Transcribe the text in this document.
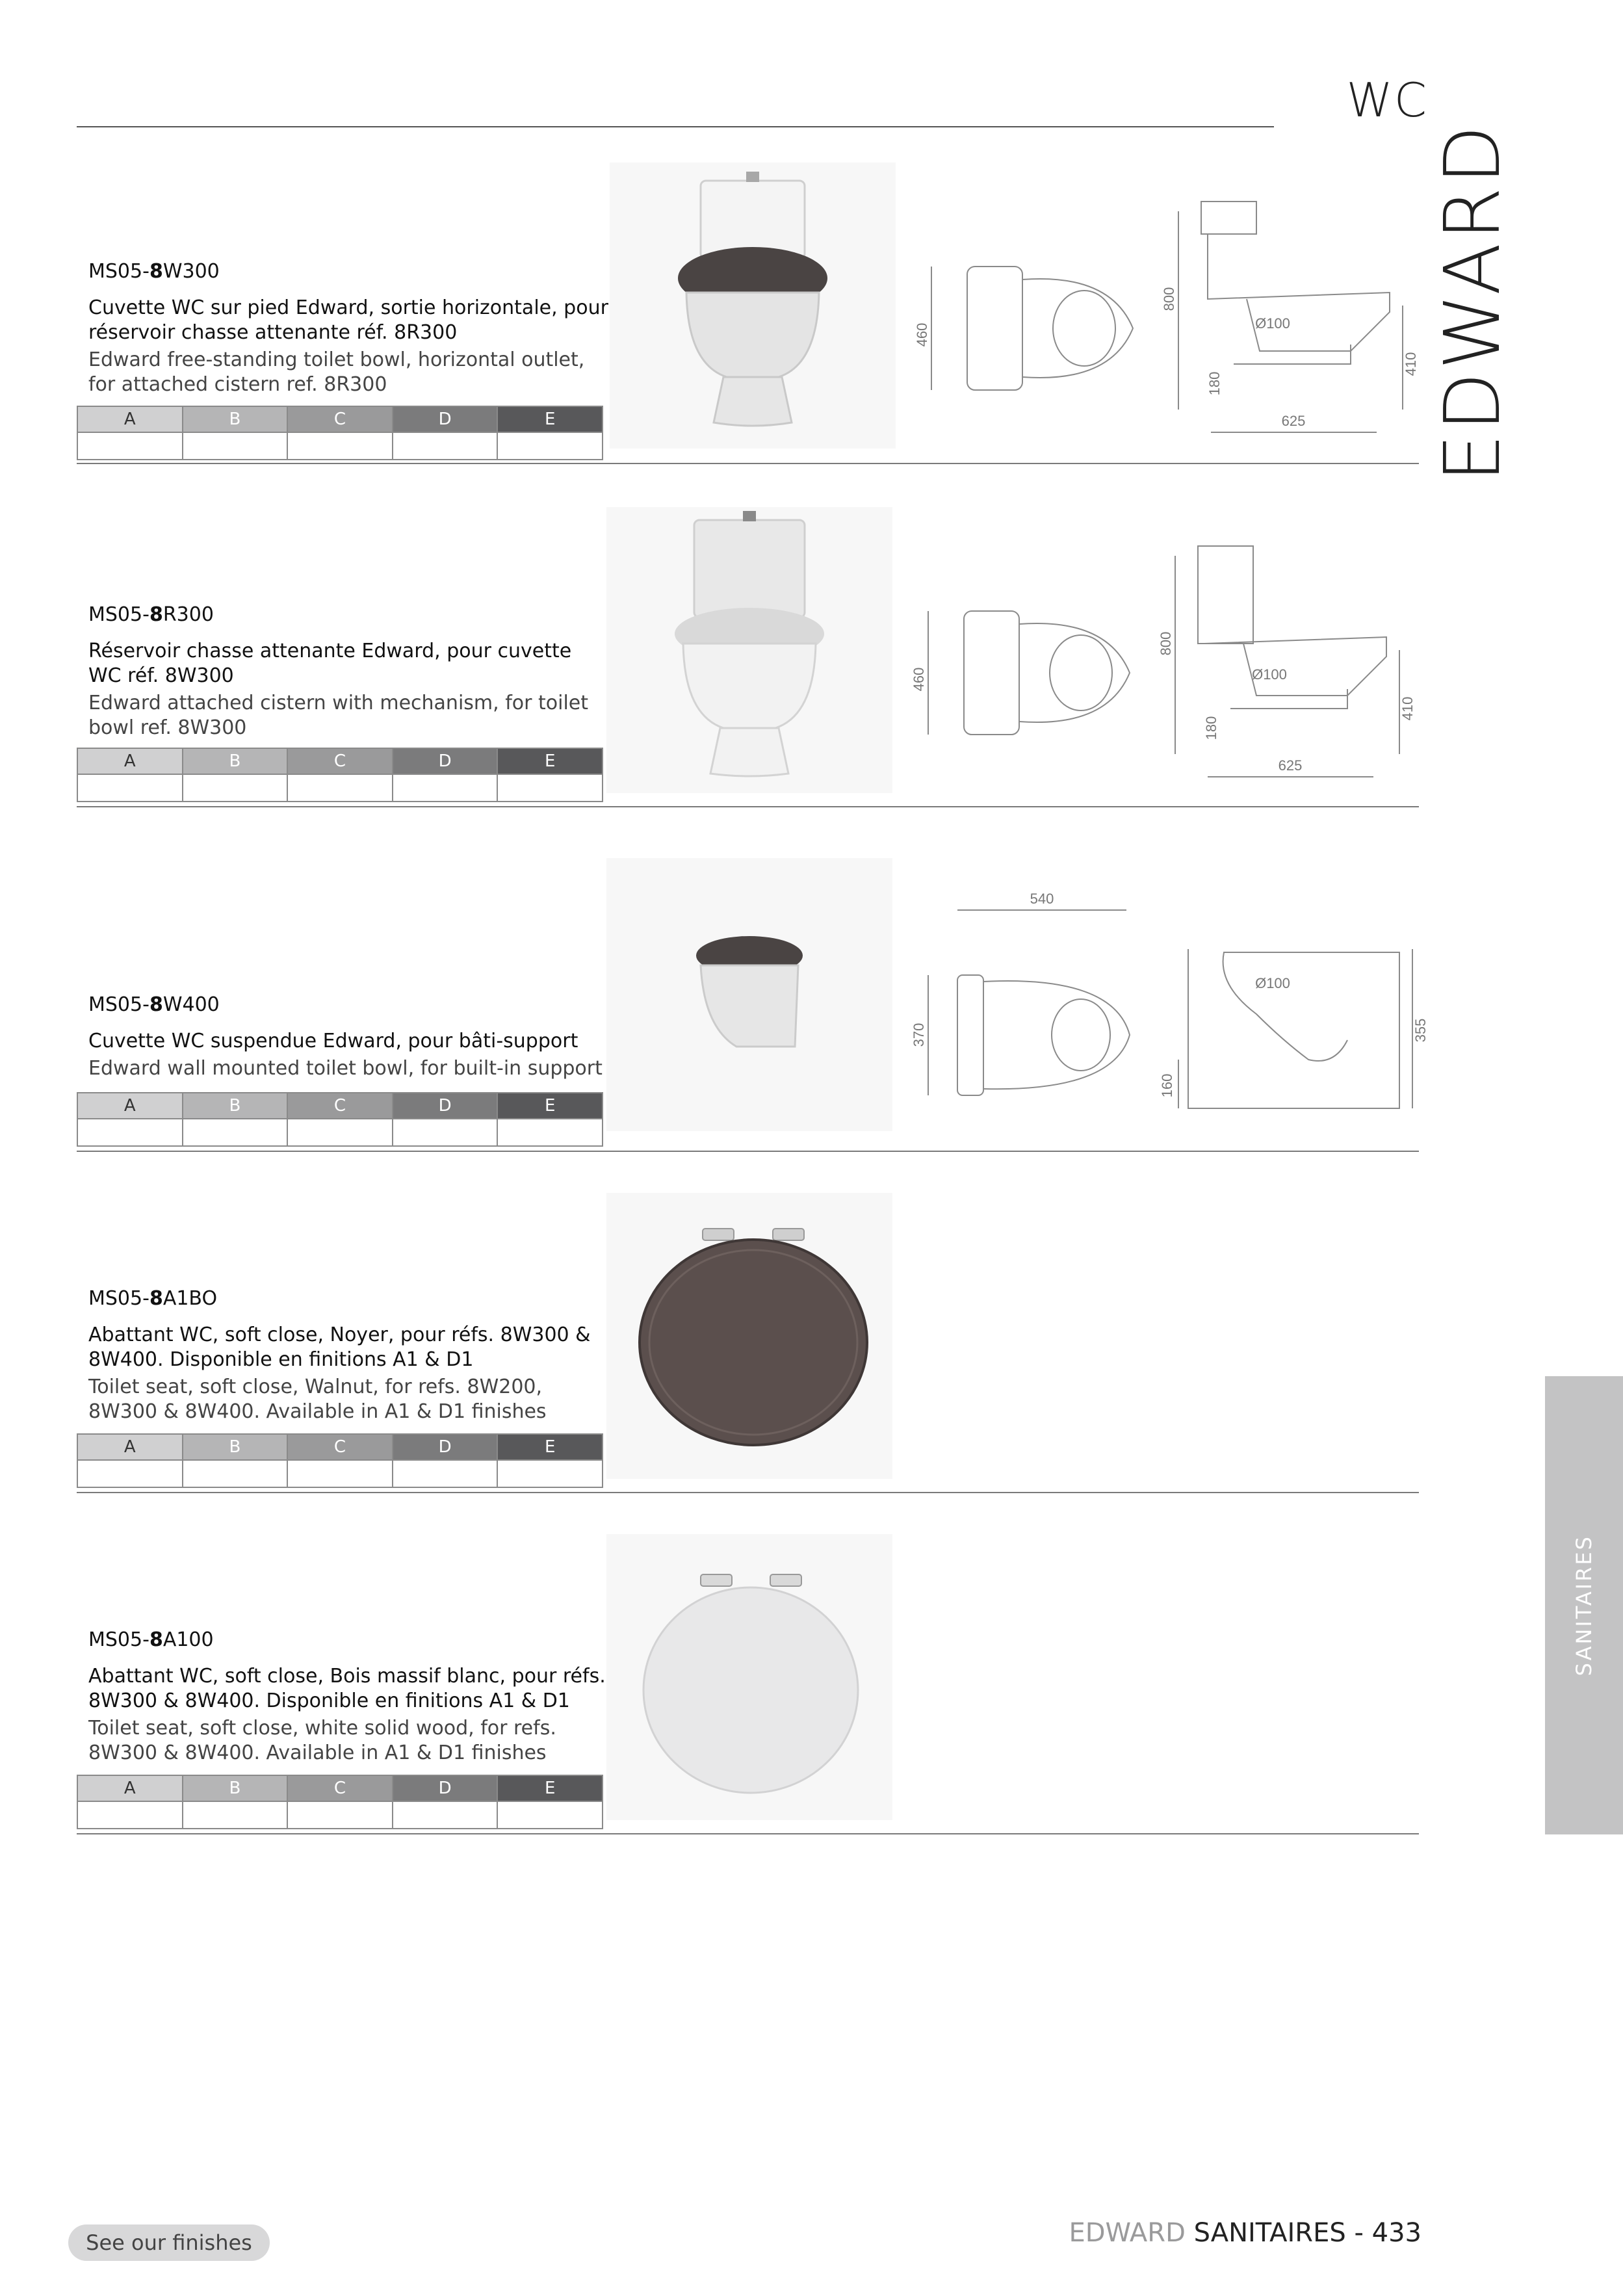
WC
EDWARD
SANITAIRES

MS05-8W300

Cuvette WC sur pied Edward, sortie horizontale, pour réservoir chasse attenante réf. 8R300

Edward free-standing toilet bowl, horizontal outlet, for attached cistern ref. 8R300

A	B	C	D	E

460
800
Ø100
180
410
625

MS05-8R300

Réservoir chasse attenante Edward, pour cuvette WC réf. 8W300

Edward attached cistern with mechanism, for toilet bowl ref. 8W300

A	B	C	D	E

460
800
Ø100
180
410
625

MS05-8W400

Cuvette WC suspendue Edward, pour bâti-support

Edward wall mounted toilet bowl, for built-in support

A	B	C	D	E

540
370
Ø100
160
355

MS05-8A1BO

Abattant WC, soft close, Noyer, pour réfs. 8W300 & 8W400. Disponible en finitions A1 & D1

Toilet seat, soft close, Walnut, for refs. 8W200, 8W300 & 8W400. Available in A1 & D1 finishes

A	B	C	D	E

MS05-8A100

Abattant WC, soft close, Bois massif blanc, pour réfs. 8W300 & 8W400. Disponible en finitions A1 & D1

Toilet seat, soft close, white solid wood, for refs. 8W300 & 8W400. Available in A1 & D1 finishes

A	B	C	D	E

See our finishes	EDWARD SANITAIRES - 433
